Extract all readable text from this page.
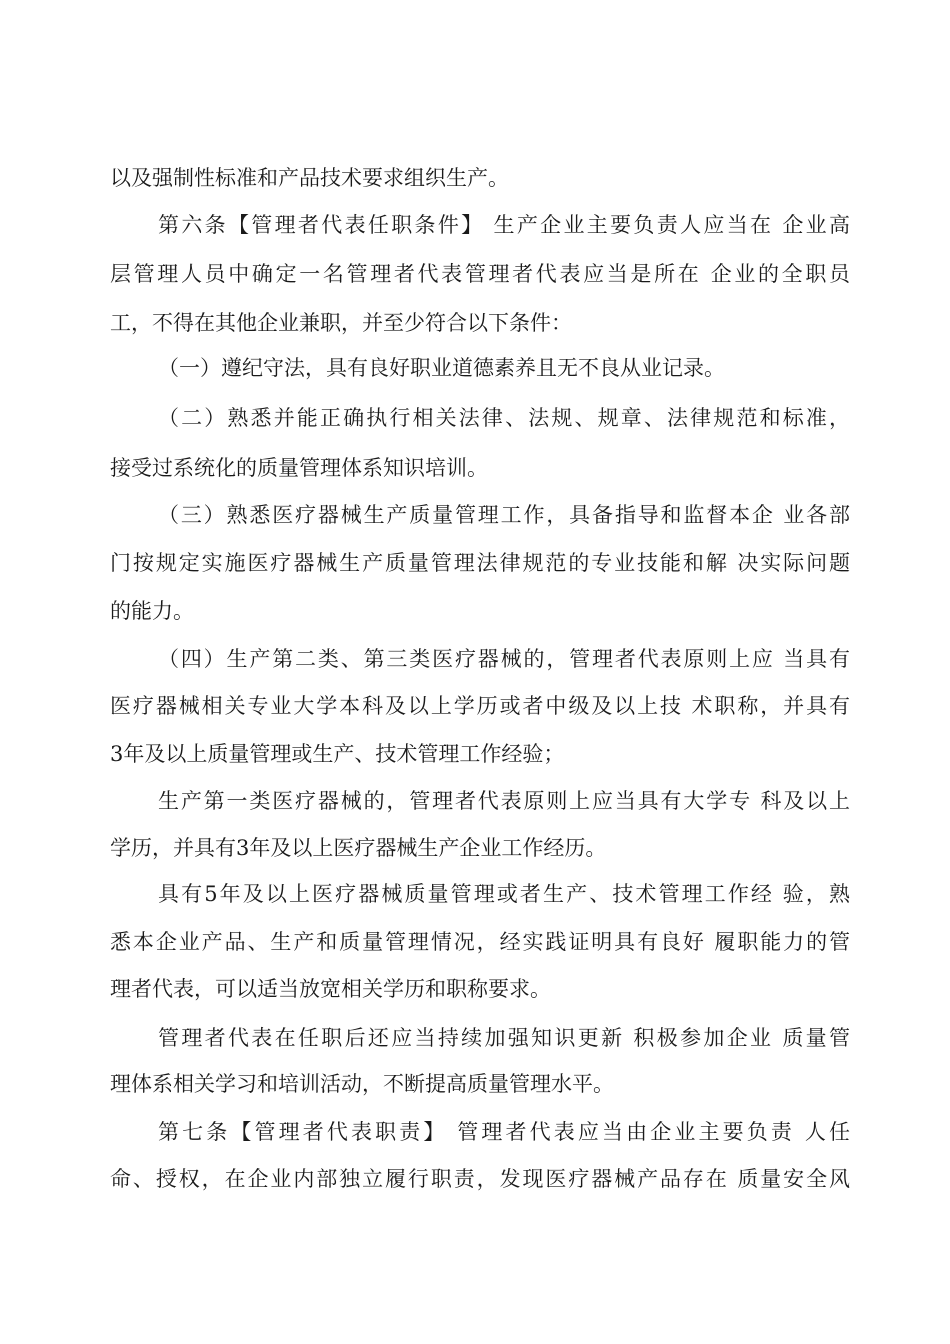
以及强制性标准和产品技术要求组织生产。
第六条【管理者代表任职条件】 生产企业主要负责人应当在 企业高
层管理人员中确定一名管理者代表管理者代表应当是所在 企业的全职员
工，不得在其他企业兼职，并至少符合以下条件：
（一）遵纪守法，具有良好职业道德素养且无不良从业记录。
（二）熟悉并能正确执行相关法律、法规、规章、法律规范和标准，
接受过系统化的质量管理体系知识培训。
（三）熟悉医疗器械生产质量管理工作，具备指导和监督本企 业各部
门按规定实施医疗器械生产质量管理法律规范的专业技能和解 决实际问题
的能力。
（四）生产第二类、第三类医疗器械的，管理者代表原则上应 当具有
医疗器械相关专业大学本科及以上学历或者中级及以上技 术职称，并具有
3年及以上质量管理或生产、技术管理工作经验；
生产第一类医疗器械的，管理者代表原则上应当具有大学专 科及以上
学历，并具有3年及以上医疗器械生产企业工作经历。
具有5年及以上医疗器械质量管理或者生产、技术管理工作经 验，熟
悉本企业产品、生产和质量管理情况，经实践证明具有良好 履职能力的管
理者代表，可以适当放宽相关学历和职称要求。
管理者代表在任职后还应当持续加强知识更新 积极参加企业 质量管
理体系相关学习和培训活动，不断提高质量管理水平。
第七条【管理者代表职责】 管理者代表应当由企业主要负责 人任
命、授权，在企业内部独立履行职责，发现医疗器械产品存在 质量安全风
